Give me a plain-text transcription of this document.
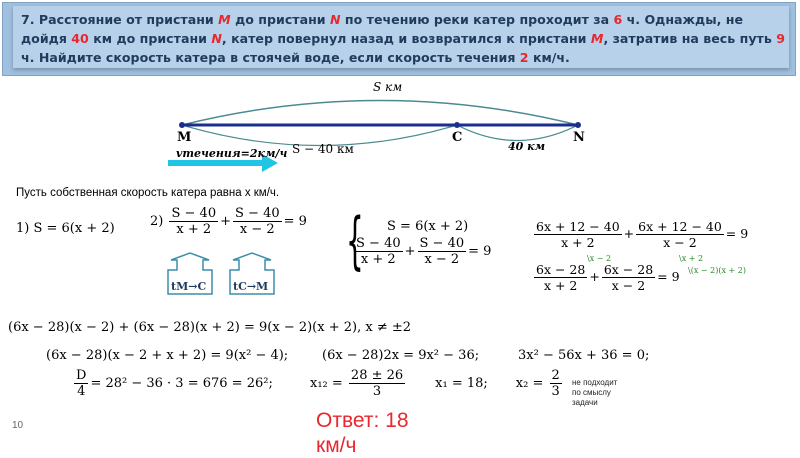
7. Расстояние от пристани M до пристани N по течению реки катер проходит за 6 ч. Однажды, не дойдя 40 км до пристани N, катер повернул назад и возвратился к пристани M, затратив на весь путь 9 ч. Найдите скорость катера в стоячей воде, если скорость течения 2 км/ч.
S км
M	C	N
S − 40 км	40 км
vтечения=2км/ч
Пусть собственная скорость катера равна x км/ч.
1) S = 6(x + 2)	$2) \frac{S - 40}{x + 2} + \frac{S - 40}{x - 2} = 9$
tM→C tC→M
{ S = 6(x + 2)
$\frac{S - 40}{x + 2} + \frac{S - 40}{x - 2} = 9$
$\frac{6x + 12 - 40}{x + 2} + \frac{6x + 12 - 40}{x - 2} = 9$
$\frac{6x - 28}{x + 2} + \frac{6x - 28}{x - 2} = 9$
\x − 2	\x + 2
\(x − 2)(x + 2)
(6x − 28)(x − 2) + (6x − 28)(x + 2) = 9(x − 2)(x + 2), x ≠ ±2
(6x − 28)(x − 2 + x + 2) = 9(x² − 4);	(6x − 28)2x = 9x² − 36;	3x² − 56x + 36 = 0;
$\frac{D}{4} = 28^2 - 36 \cdot 3 = 676 = 26^2$;	$x_{12} = \frac{28 \pm 26}{3} x_1 = 18$; $x_2 = \frac{2}{3}$ не подходит
по смыслу
задачи
Ответ: 18
км/ч
10
